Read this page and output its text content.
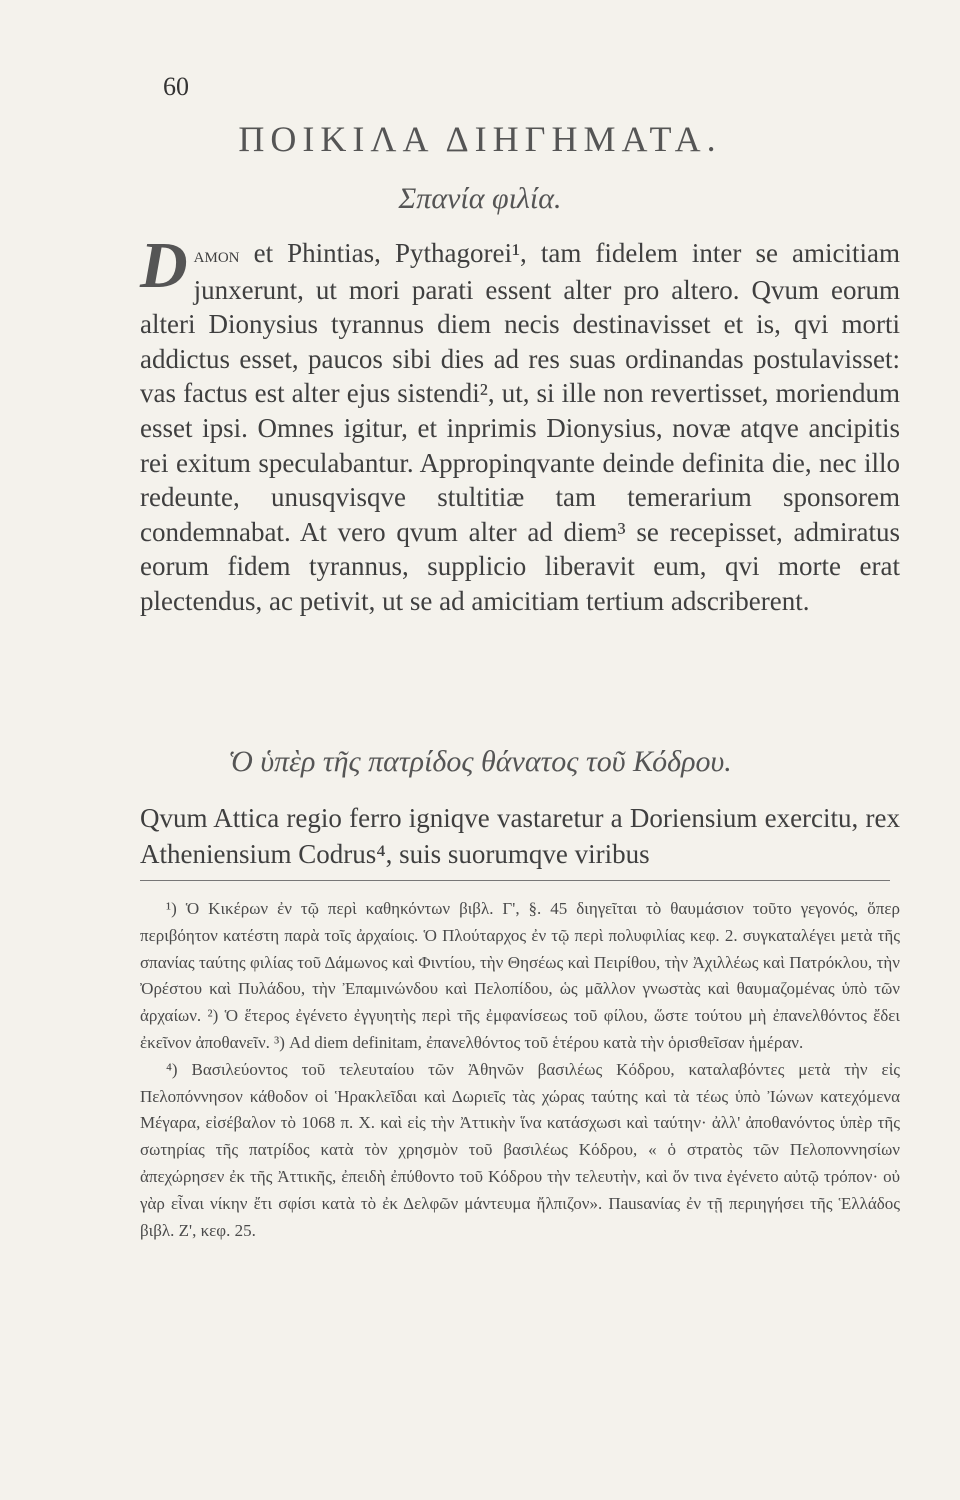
60
ΠΟΙΚΙΛΑ ΔΙΗΓΗΜΑΤΑ.
Σπανία φιλία.
Damon et Phintias, Pythagorei¹, tam fidelem inter se amicitiam junxerunt, ut mori parati essent alter pro altero. Qvum eorum alteri Dionysius tyrannus diem necis destinavisset et is, qvi morti addictus esset, paucos sibi dies ad res suas ordinandas postulavisset: vas factus est alter ejus sistendi², ut, si ille non revertisset, moriendum esset ipsi. Omnes igitur, et inprimis Dionysius, novæ atqve ancipitis rei exitum speculabantur. Appropinqvante deinde definita die, nec illo redeunte, unusqvisqve stultitiæ tam temerarium sponsorem condemnabat. At vero qvum alter ad diem³ se recepisset, admiratus eorum fidem tyrannus, supplicio liberavit eum, qvi morte erat plectendus, ac petivit, ut se ad amicitiam tertium adscriberent.
Ὁ ὑπὲρ τῆς πατρίδος θάνατος τοῦ Κόδρου.
Qvum Attica regio ferro igniqve vastaretur a Doriensium exercitu, rex Atheniensium Codrus⁴, suis suorumqve viribus

¹) Ὁ Κικέρων ἐν τῷ περὶ καθηκόντων βιβλ. Γ', §. 45 διηγεῖται τὸ θαυμάσιον τοῦτο γεγονός, ὅπερ περιβόητον κατέστη παρὰ τοῖς ἀρχαίοις. Ὁ Πλούταρχος ἐν τῷ περὶ πολυφιλίας κεφ. 2. συγκαταλέγει μετὰ τῆς σπανίας ταύτης φιλίας τοῦ Δάμωνος καὶ Φιντίου, τὴν Θησέως καὶ Πειρίθου, τὴν Ἀχιλλέως καὶ Πατρόκλου, τὴν Ὀρέστου καὶ Πυλάδου, τὴν Ἐπαμινώνδου καὶ Πελοπίδου, ὡς μᾶλλον γνωστὰς καὶ θαυμαζομένας ὑπὸ τῶν ἀρχαίων. ²) Ὁ ἕτερος ἐγένετο ἐγγυητὴς περὶ τῆς ἐμφανίσεως τοῦ φίλου, ὥστε τούτου μὴ ἐπανελθόντος ἔδει ἐκεῖνον ἀποθανεῖν. ³) Ad diem definitam, ἐπανελθόντος τοῦ ἑτέρου κατὰ τὴν ὁρισθεῖσαν ἡμέραν.

⁴) Βασιλεύοντος τοῦ τελευταίου τῶν Ἀθηνῶν βασιλέως Κόδρου, καταλαβόντες μετὰ τὴν εἰς Πελοπόννησον κάθοδον οἱ Ἡρακλεῖδαι καὶ Δωριεῖς τὰς χώρας ταύτης καὶ τὰ τέως ὑπὸ Ἰώνων κατεχόμενα Μέγαρα, εἰσέβαλον τὸ 1068 π. Χ. καὶ εἰς τὴν Ἀττικὴν ἵνα κατάσχωσι καὶ ταύτην· ἀλλ' ἀποθανόντος ὑπὲρ τῆς σωτηρίας τῆς πατρίδος κατὰ τὸν χρησμὸν τοῦ βασιλέως Κόδρου, « ὁ στρατὸς τῶν Πελοποννησίων ἀπεχώρησεν ἐκ τῆς Ἀττικῆς, ἐπειδὴ ἐπύθοντο τοῦ Κόδρου τὴν τελευτὴν, καὶ ὅν τινα ἐγένετο αὐτῷ τρόπον· οὐ γὰρ εἶναι νίκην ἔτι σφίσι κατὰ τὸ ἐκ Δελφῶν μάντευμα ἤλπιζον». Πausανίας ἐν τῇ περιηγήσει τῆς Ἑλλάδος βιβλ. Ζ', κεφ. 25.
